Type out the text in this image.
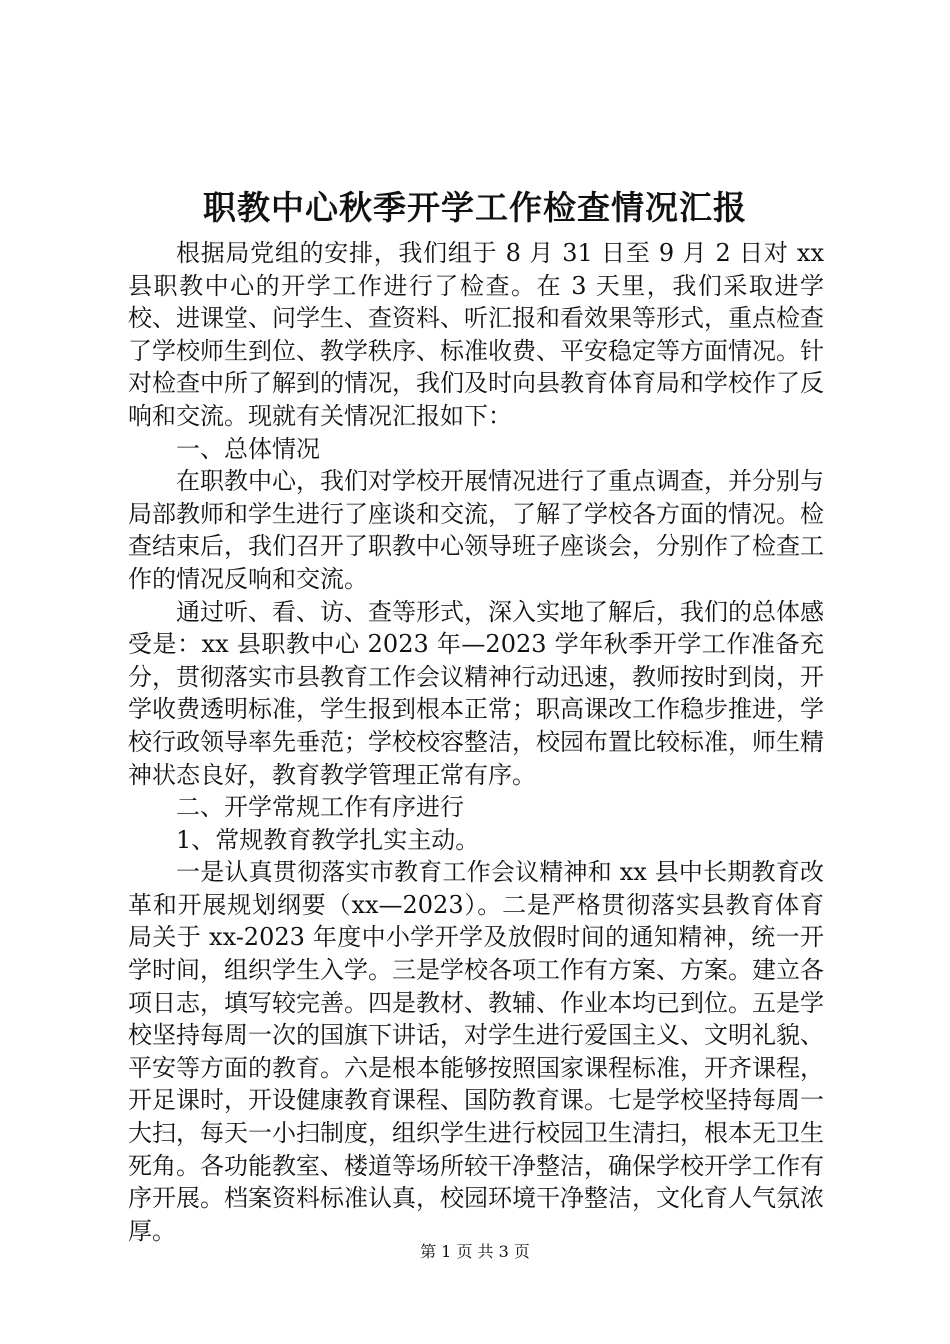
职教中心秋季开学工作检查情况汇报

根据局党组的安排，我们组于 8 月 31 日至 9 月 2 日对 xx 县职教中心的开学工作进行了检查。在 3 天里，我们采取进学校、进课堂、问学生、查资料、听汇报和看效果等形式，重点检查了学校师生到位、教学秩序、标准收费、平安稳定等方面情况。针对检查中所了解到的情况，我们及时向县教育体育局和学校作了反响和交流。现就有关情况汇报如下：

一、总体情况

在职教中心，我们对学校开展情况进行了重点调查，并分别与局部教师和学生进行了座谈和交流，了解了学校各方面的情况。检查结束后，我们召开了职教中心领导班子座谈会，分别作了检查工作的情况反响和交流。

通过听、看、访、查等形式，深入实地了解后，我们的总体感受是：xx 县职教中心 2023 年—2023 学年秋季开学工作准备充分，贯彻落实市县教育工作会议精神行动迅速，教师按时到岗，开学收费透明标准，学生报到根本正常；职高课改工作稳步推进，学校行政领导率先垂范；学校校容整洁，校园布置比较标准，师生精神状态良好，教育教学管理正常有序。

二、开学常规工作有序进行

1、常规教育教学扎实主动。

一是认真贯彻落实市教育工作会议精神和 xx 县中长期教育改革和开展规划纲要（xx—2023）。二是严格贯彻落实县教育体育局关于 xx-2023 年度中小学开学及放假时间的通知精神，统一开学时间，组织学生入学。三是学校各项工作有方案、方案。建立各项日志，填写较完善。四是教材、教辅、作业本均已到位。五是学校坚持每周一次的国旗下讲话，对学生进行爱国主义、文明礼貌、平安等方面的教育。六是根本能够按照国家课程标准，开齐课程，开足课时，开设健康教育课程、国防教育课。七是学校坚持每周一大扫，每天一小扫制度，组织学生进行校园卫生清扫，根本无卫生死角。各功能教室、楼道等场所较干净整洁，确保学校开学工作有序开展。档案资料标准认真，校园环境干净整洁，文化育人气氛浓厚。

第 1 页 共 3 页
